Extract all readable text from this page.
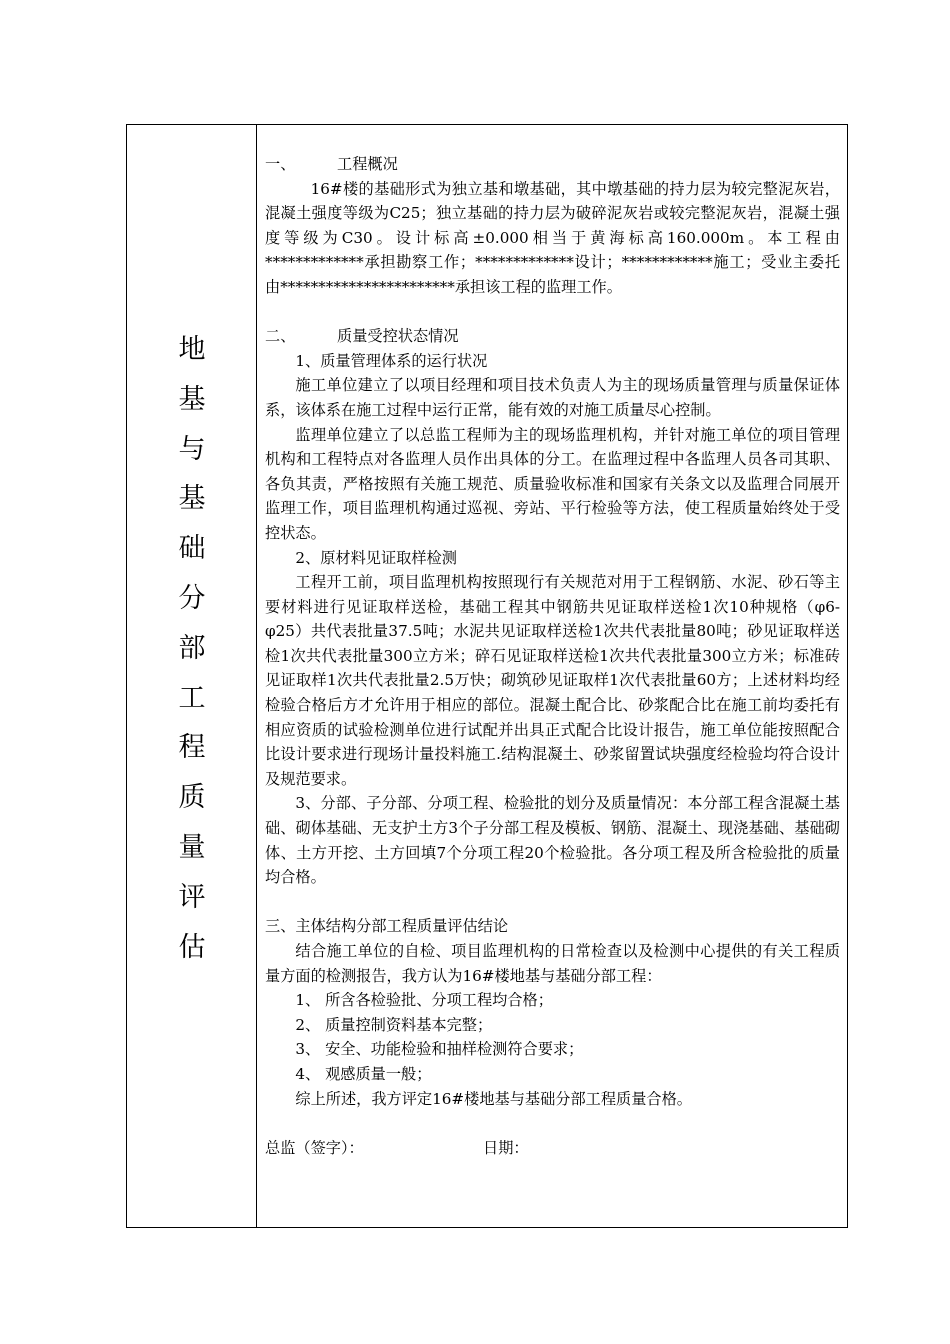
地
基
与
基
础
分
部
工
程
质
量
评
估

一、	工程概况

16#楼的基础形式为独立基和墩基础，其中墩基础的持力层为较完整泥灰岩，混凝土强度等级为C25；独立基础的持力层为破碎泥灰岩或较完整泥灰岩，混凝土强度等级为C30。设计标高±0.000相当于黄海标高160.000m。本工程由*************承担勘察工作；*************设计；************施工；受业主委托由***********************承担该工程的监理工作。

二、	质量受控状态情况

1、质量管理体系的运行状况

施工单位建立了以项目经理和项目技术负责人为主的现场质量管理与质量保证体系，该体系在施工过程中运行正常，能有效的对施工质量尽心控制。

监理单位建立了以总监工程师为主的现场监理机构，并针对施工单位的项目管理机构和工程特点对各监理人员作出具体的分工。在监理过程中各监理人员各司其职、各负其责，严格按照有关施工规范、质量验收标准和国家有关条文以及监理合同展开监理工作，项目监理机构通过巡视、旁站、平行检验等方法，使工程质量始终处于受控状态。

2、原材料见证取样检测

工程开工前，项目监理机构按照现行有关规范对用于工程钢筋、水泥、砂石等主要材料进行见证取样送检，基础工程其中钢筋共见证取样送检1次10种规格（φ6-φ25）共代表批量37.5吨；水泥共见证取样送检1次共代表批量80吨；砂见证取样送检1次共代表批量300立方米；碎石见证取样送检1次共代表批量300立方米；标准砖见证取样1次共代表批量2.5万快；砌筑砂见证取样1次代表批量60方；上述材料均经检验合格后方才允许用于相应的部位。混凝土配合比、砂浆配合比在施工前均委托有相应资质的试验检测单位进行试配并出具正式配合比设计报告，施工单位能按照配合比设计要求进行现场计量投料施工.结构混凝土、砂浆留置试块强度经检验均符合设计及规范要求。

3、分部、子分部、分项工程、检验批的划分及质量情况：本分部工程含混凝土基础、砌体基础、无支护土方3个子分部工程及模板、钢筋、混凝土、现浇基础、基础砌体、土方开挖、土方回填7个分项工程20个检验批。各分项工程及所含检验批的质量均合格。

三、主体结构分部工程质量评估结论

结合施工单位的自检、项目监理机构的日常检查以及检测中心提供的有关工程质量方面的检测报告，我方认为16#楼地基与基础分部工程：

1、 所含各检验批、分项工程均合格；

2、 质量控制资料基本完整；

3、 安全、功能检验和抽样检测符合要求；

4、 观感质量一般；

综上所述，我方评定16#楼地基与基础分部工程质量合格。

总监（签字）：	日期：
